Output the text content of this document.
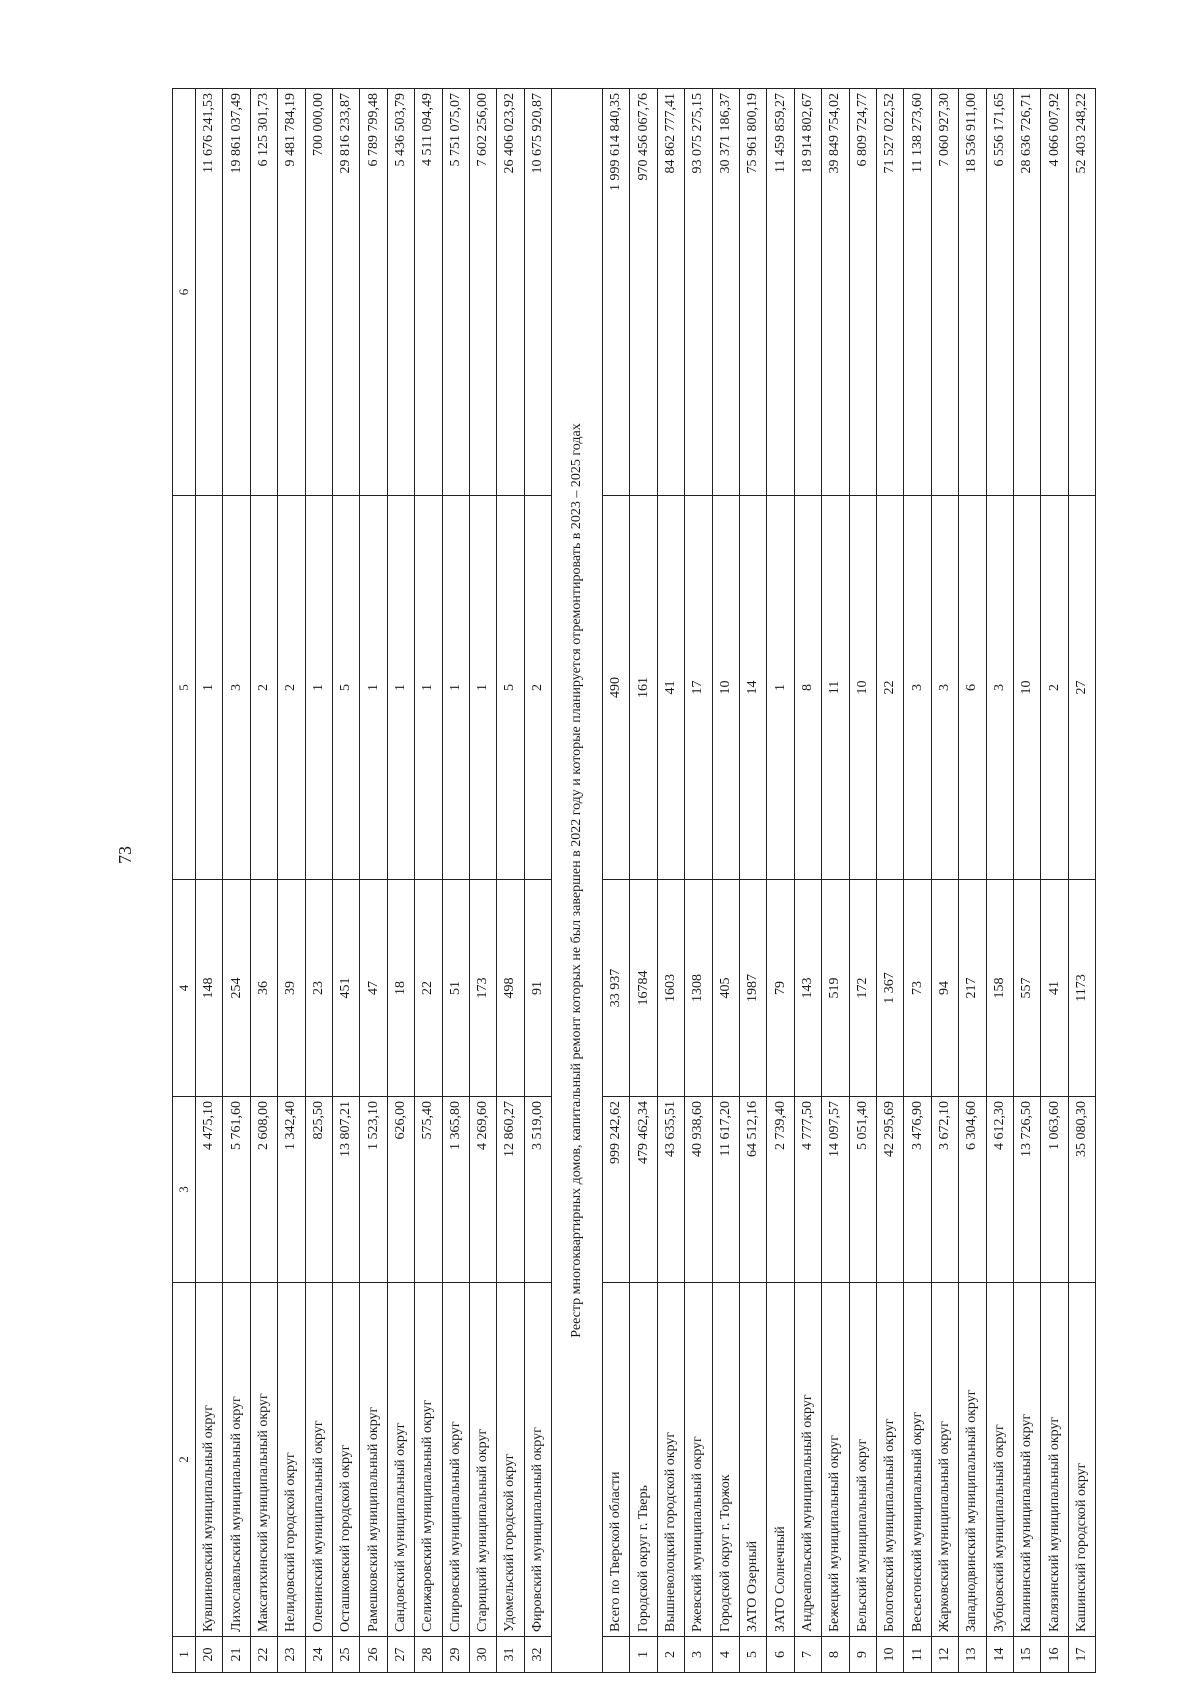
73
1	2	3	4	5	6
20	Кувшиновский муниципальный округ	4 475,10	148	1	11 676 241,53
21	Лихославльский муниципальный округ	5 761,60	254	3	19 861 037,49
22	Максатихинский муниципальный округ	2 608,00	36	2	6 125 301,73
23	Нелидовский городской округ	1 342,40	39	2	9 481 784,19
24	Оленинский муниципальный округ	825,50	23	1	700 000,00
25	Осташковский городской округ	13 807,21	451	5	29 816 233,87
26	Рамешковский муниципальный округ	1 523,10	47	1	6 789 799,48
27	Сандовский муниципальный округ	626,00	18	1	5 436 503,79
28	Селижаровский муниципальный округ	575,40	22	1	4 511 094,49
29	Спировский муниципальный округ	1 365,80	51	1	5 751 075,07
30	Старицкий муниципальный округ	4 269,60	173	1	7 602 256,00
31	Удомельский городской округ	12 860,27	498	5	26 406 023,92
32	Фировский муниципальный округ	3 519,00	91	2	10 675 920,87
Реестр многоквартирных домов, капитальный ремонт которых не был завершен в 2022 году и которые планируется отремонтировать в 2023 – 2025 годах					
	Всего по Тверской области	999 242,62	33 937	490	1 999 614 840,35
1	Городской округ г. Тверь	479 462,34	16784	161	970 456 067,76
2	Вышневолоцкий городской округ	43 635,51	1603	41	84 862 777,41
3	Ржевский муниципальный округ	40 938,60	1308	17	93 075 275,15
4	Городской округ г. Торжок	11 617,20	405	10	30 371 186,37
5	ЗАТО Озерный	64 512,16	1987	14	75 961 800,19
6	ЗАТО Солнечный	2 739,40	79	1	11 459 859,27
7	Андреапольский муниципальный округ	4 777,50	143	8	18 914 802,67
8	Бежецкий муниципальный округ	14 097,57	519	11	39 849 754,02
9	Бельский муниципальный округ	5 051,40	172	10	6 809 724,77
10	Бологовский муниципальный округ	42 295,69	1 367	22	71 527 022,52
11	Весьегонский муниципальный округ	3 476,90	73	3	11 138 273,60
12	Жарковский муниципальный округ	3 672,10	94	3	7 060 927,30
13	Западнодвинский муниципальный округ	6 304,60	217	6	18 536 911,00
14	Зубцовский муниципальный округ	4 612,30	158	3	6 556 171,65
15	Калининский муниципальный округ	13 726,50	557	10	28 636 726,71
16	Калязинский муниципальный округ	1 063,60	41	2	4 066 007,92
17	Кашинский городской округ	35 080,30	1173	27	52 403 248,22
